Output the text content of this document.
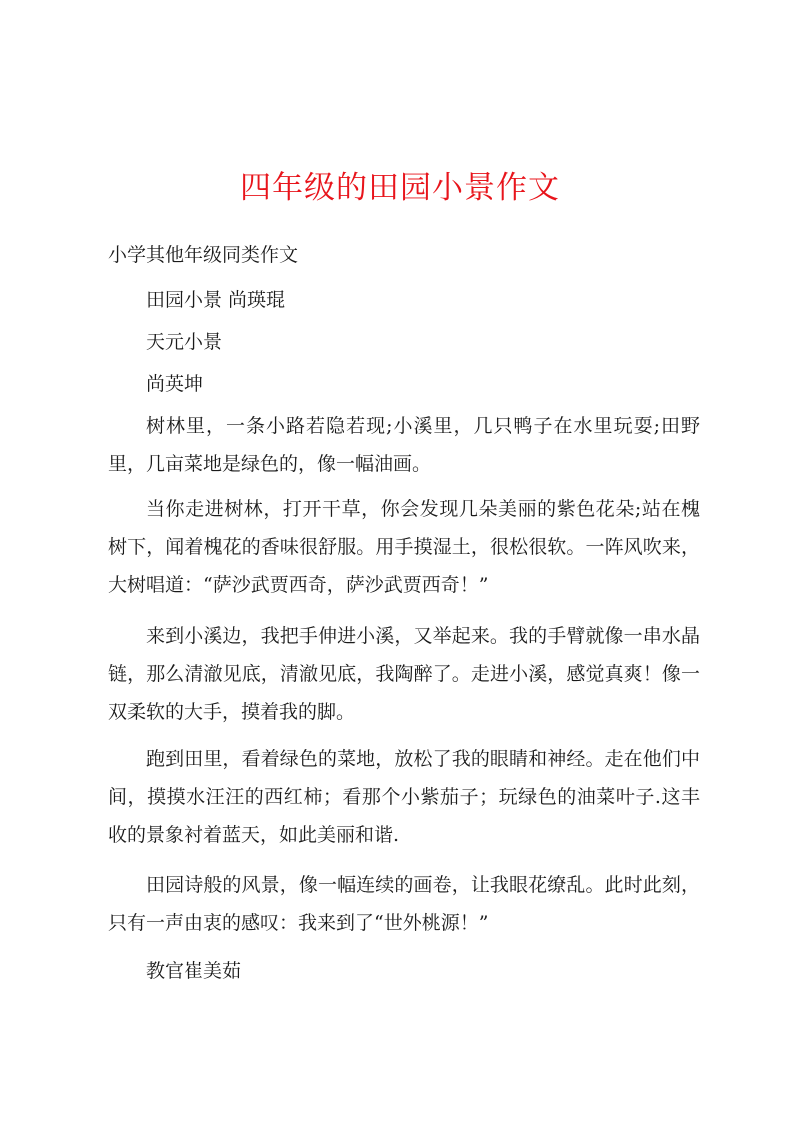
四年级的田园小景作文
小学其他年级同类作文
田园小景 尚瑛琨
天元小景
尚英坤
树林里，一条小路若隐若现;小溪里，几只鸭子在水里玩耍;田野里，几亩菜地是绿色的，像一幅油画。
当你走进树林，打开干草，你会发现几朵美丽的紫色花朵;站在槐树下，闻着槐花的香味很舒服。用手摸湿土，很松很软。一阵风吹来，大树唱道：“萨沙武贾西奇，萨沙武贾西奇！”
来到小溪边，我把手伸进小溪，又举起来。我的手臂就像一串水晶链，那么清澈见底，清澈见底，我陶醉了。走进小溪，感觉真爽！像一双柔软的大手，摸着我的脚。
跑到田里，看着绿色的菜地，放松了我的眼睛和神经。走在他们中间，摸摸水汪汪的西红柿；看那个小紫茄子；玩绿色的油菜叶子.这丰收的景象衬着蓝天，如此美丽和谐.
田园诗般的风景，像一幅连续的画卷，让我眼花缭乱。此时此刻，只有一声由衷的感叹：我来到了“世外桃源！”
教官崔美茹
